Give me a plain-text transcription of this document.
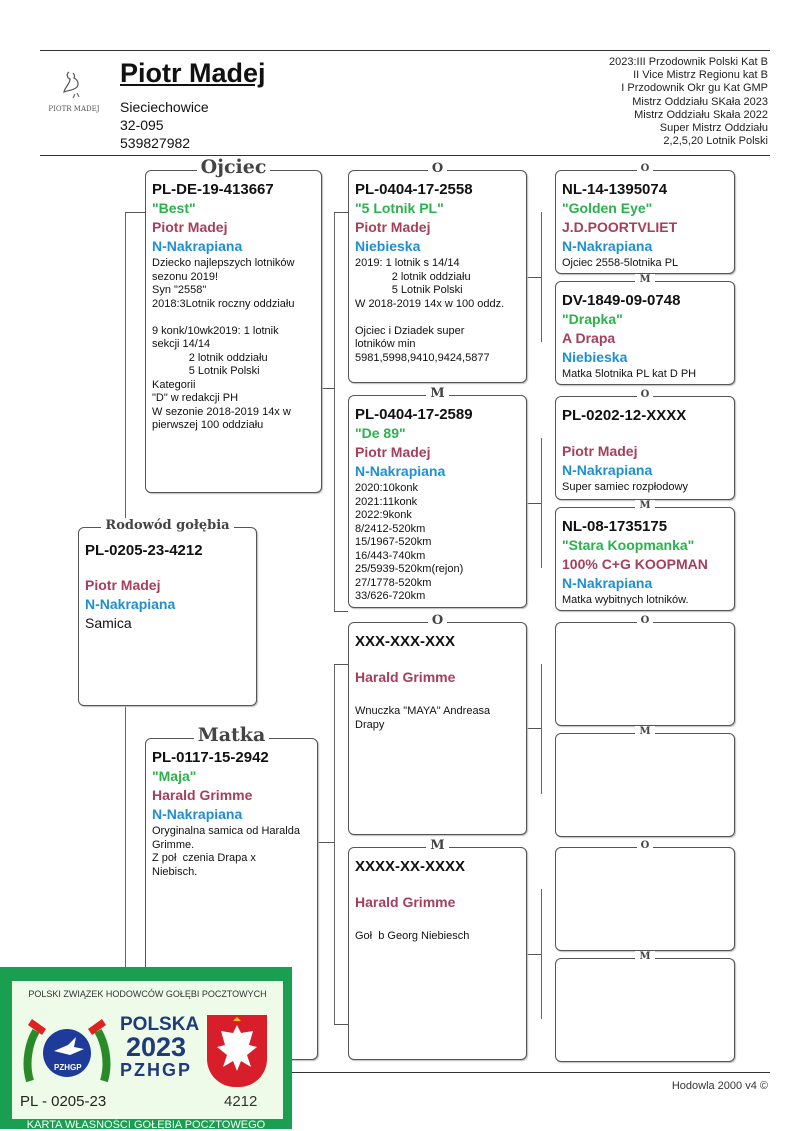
PIOTR MADEJ
Piotr Madej
Sieciechowice
32-095
539827982
2023:III Przodownik Polski Kat B
II Vice Mistrz Regionu kat B
I Przodownik Okr gu Kat GMP
Mistrz Oddziału SKała 2023
Mistrz Oddziału Skała 2022
Super Mistrz Oddziału
2,2,5,20 Lotnik Polski
Ojciec
PL-DE-19-413667
"Best"
Piotr Madej
N-Nakrapiana
Dziecko najlepszych lotników
sezonu 2019!
Syn "2558"
2018:3Lotnik roczny oddziału

9 konk/10wk2019: 1 lotnik
sekcji 14/14
2 lotnik oddziału
5 Lotnik Polski
Kategorii
"D" w redakcji PH
W sezonie 2018-2019 14x w
pierwszej 100 oddziału
Rodowód gołębia
PL-0205-23-4212
Piotr Madej
N-Nakrapiana
Samica
Matka
PL-0117-15-2942
"Maja"
Harald Grimme
N-Nakrapiana
Oryginalna samica od Haralda
Grimme.
Z poł  czenia Drapa x
Niebisch.
O
PL-0404-17-2558
"5 Lotnik PL"
Piotr Madej
Niebieska
2019: 1 lotnik s 14/14
2 lotnik oddziału
5 Lotnik Polski
W 2018-2019 14x w 100 oddz.

Ojciec i Dziadek super
lotników min
5981,5998,9410,9424,5877
M
PL-0404-17-2589
"De 89"
Piotr Madej
N-Nakrapiana
2020:10konk
2021:11konk
2022:9konk
8/2412-520km
15/1967-520km
16/443-740km
25/5939-520km(rejon)
27/1778-520km
33/626-720km
O
XXX-XXX-XXX
Harald Grimme
Wnuczka "MAYA" Andreasa
Drapy
M
XXXX-XX-XXXX
Harald Grimme
Goł  b Georg Niebiesch
O
NL-14-1395074
"Golden Eye"
J.D.POORTVLIET
N-Nakrapiana
Ojciec 2558-5lotnika PL
M
DV-1849-09-0748
"Drapka"
A Drapa
Niebieska
Matka 5lotnika PL kat D PH
O
PL-0202-12-XXXX
Piotr Madej
N-Nakrapiana
Super samiec rozpłodowy
M
NL-08-1735175
"Stara Koopmanka"
100% C+G KOOPMAN
N-Nakrapiana
Matka wybitnych lotników.
O
M
O
M
Hodowla 2000 v4 ©
POLSKI ZWIĄZEK HODOWCÓW GOŁĘBI POCZTOWYCH
PZHGP
POLSKA
2023
PZHGP
PL - 0205-23	4212
KARTA WŁASNOŚCI GOŁĘBIA POCZTOWEGO
